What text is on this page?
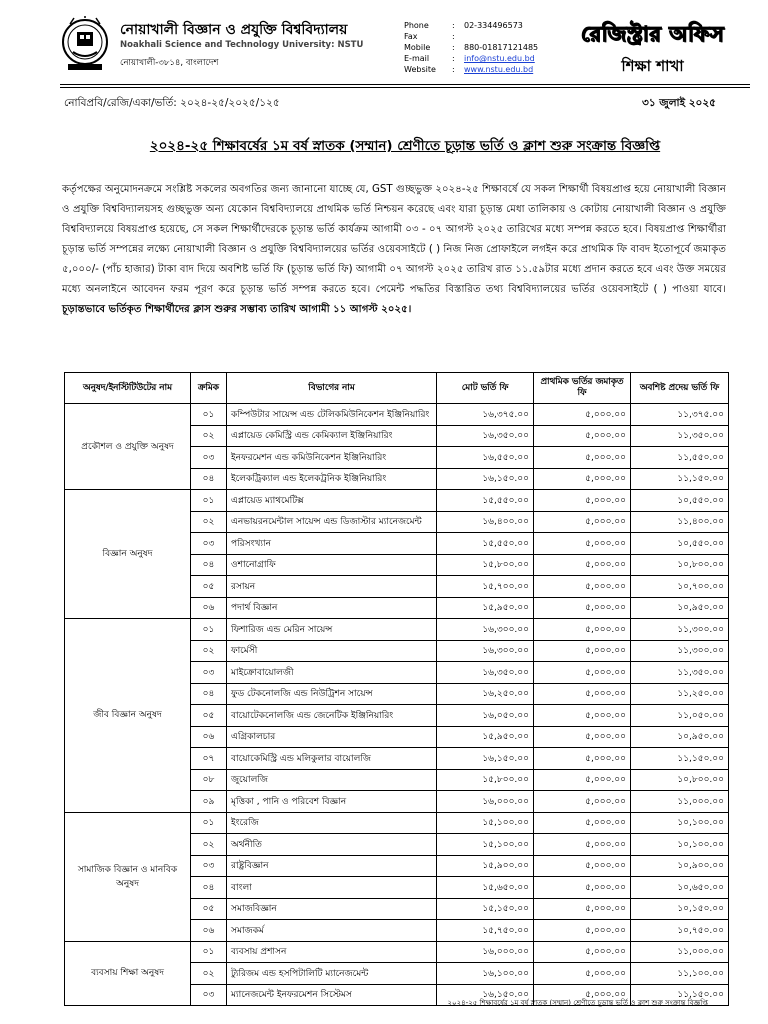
নোয়াখালী বিজ্ঞান ও প্রযুক্তি বিশ্ববিদ্যালয়
Noakhali Science and Technology University: NSTU
নোয়াখালী-৩৮১৪, বাংলাদেশ
Phone	:	02-334496573
Fax	:
Mobile	:	880-01817121485
E-mail	:	info@nstu.edu.bd
Website	:	www.nstu.edu.bd
রেজিস্ট্রার অফিস
শিক্ষা শাখা
নোবিপ্রবি/রেজি/একা/ভর্তি: ২০২৪-২৫/২০২৫/১২৫	৩১ জুলাই ২০২৫
২০২৪-২৫ শিক্ষাবর্ষের ১ম বর্ষ স্নাতক (সম্মান) শ্রেণীতে চূড়ান্ত ভর্তি ও ক্লাশ শুরু সংক্রান্ত বিজ্ঞপ্তি
কর্তৃপক্ষের অনুমোদনক্রমে সংশ্লিষ্ট সকলের অবগতির জন্য জানানো যাচ্ছে যে, GST গুচ্ছভুক্ত ২০২৪-২৫ শিক্ষাবর্ষে যে সকল শিক্ষার্থী বিষয়প্রাপ্ত হয়ে নোয়াখালী বিজ্ঞান ও প্রযুক্তি বিশ্ববিদ্যালয়সহ গুচ্ছভুক্ত অন্য যেকোন বিশ্ববিদ্যালয়ে প্রাথমিক ভর্তি নিশ্চয়ন করেছে এবং যারা চূড়ান্ত মেধা তালিকায় ও কোটায় নোয়াখালী বিজ্ঞান ও প্রযুক্তি বিশ্ববিদ্যালয়ে বিষয়প্রাপ্ত হয়েছে, সে সকল শিক্ষার্থীদেরকে চূড়ান্ত ভর্তি কার্যক্রম আগামী ০৩ - ০৭ আগস্ট ২০২৫ তারিখের মধ্যে সম্পন্ন করতে হবে। বিষয়প্রাপ্ত শিক্ষার্থীরা চূড়ান্ত ভর্তি সম্পন্নের লক্ষ্যে নোয়াখালী বিজ্ঞান ও প্রযুক্তি বিশ্ববিদ্যালয়ের ভর্তির ওয়েবসাইটে ( ) নিজ নিজ প্রোফাইলে লগইন করে প্রাথমিক ফি বাবদ ইতোপূর্বে জমাকৃত ৫,০০০/- (পাঁচ হাজার) টাকা বাদ দিয়ে অবশিষ্ট ভর্তি ফি (চূড়ান্ত ভর্তি ফি) আগামী ০৭ আগস্ট ২০২৫ তারিখ রাত ১১.৫৯টার মধ্যে প্রদান করতে হবে এবং উক্ত সময়ের মধ্যে অনলাইনে আবেদন ফরম পূরণ করে চূড়ান্ত ভর্তি সম্পন্ন করতে হবে। পেমেন্ট পদ্ধতির বিস্তারিত তথ্য বিশ্ববিদ্যালয়ের ভর্তির ওয়েবসাইটে ( ) পাওয়া যাবে। চূড়ান্তভাবে ভর্তিকৃত শিক্ষার্থীদের ক্লাস শুরুর সম্ভাব্য তারিখ আগামী ১১ আগস্ট ২০২৫।
অনুষদ/ইনস্টিটিউটের নাম	ক্রমিক	বিভাগের নাম	মোট ভর্তি ফি	প্রাথমিক ভর্তির জমাকৃত ফি	অবশিষ্ট প্রদেয় ভর্তি ফি
প্রকৌশল ও প্রযুক্তি অনুষদ	০১	কম্পিউটার সায়েন্স এন্ড টেলিকমিউনিকেশন ইঞ্জিনিয়ারিং	১৬,৩৭৫.০০	৫,০০০.০০	১১,৩৭৫.০০
	০২	এপ্লায়েড কেমিস্ট্রি এন্ড কেমিক্যাল ইঞ্জিনিয়ারিং	১৬,৩৫০.০০	৫,০০০.০০	১১,৩৫০.০০
	০৩	ইনফরমেশন এন্ড কমিউনিকেশন ইঞ্জিনিয়ারিং	১৬,৫৫০.০০	৫,০০০.০০	১১,৫৫০.০০
	০৪	ইলেকট্রিক্যাল এন্ড ইলেকট্রনিক ইঞ্জিনিয়ারিং	১৬,১৫০.০০	৫,০০০.০০	১১,১৫০.০০
বিজ্ঞান অনুষদ	০১	এপ্লায়েড ম্যাথমেটিক্স	১৫,৫৫০.০০	৫,০০০.০০	১০,৫৫০.০০
	০২	এনভায়রনমেন্টাল সায়েন্স এন্ড ডিজাস্টার ম্যানেজমেন্ট	১৬,৪০০.০০	৫,০০০.০০	১১,৪০০.০০
	০৩	পরিসংখ্যান	১৫,৫৫০.০০	৫,০০০.০০	১০,৫৫০.০০
	০৪	ওশানোগ্রাফি	১৫,৮০০.০০	৫,০০০.০০	১০,৮০০.০০
	০৫	রসায়ন	১৫,৭০০.০০	৫,০০০.০০	১০,৭০০.০০
	০৬	পদার্থ বিজ্ঞান	১৫,৯৫০.০০	৫,০০০.০০	১০,৯৫০.০০
জীব বিজ্ঞান অনুষদ	০১	ফিশারিজ এন্ড মেরিন সায়েন্স	১৬,৩০০.০০	৫,০০০.০০	১১,৩০০.০০
	০২	ফার্মেসী	১৬,৩০০.০০	৫,০০০.০০	১১,৩০০.০০
	০৩	মাইক্রোবায়োলজী	১৬,৩৫০.০০	৫,০০০.০০	১১,৩৫০.০০
	০৪	ফুড টেকনোলজি এন্ড নিউট্রিশন সায়েন্স	১৬,২৫০.০০	৫,০০০.০০	১১,২৫০.০০
	০৫	বায়োটেকনোলজি এন্ড জেনেটিক ইঞ্জিনিয়ারিং	১৬,০৫০.০০	৫,০০০.০০	১১,০৫০.০০
	০৬	এগ্রিকালচার	১৫,৯৫০.০০	৫,০০০.০০	১০,৯৫০.০০
	০৭	বায়োকেমিস্ট্রি এন্ড মলিকুলার বায়োলজি	১৬,১৫০.০০	৫,০০০.০০	১১,১৫০.০০
	০৮	জুয়োলজি	১৫,৮০০.০০	৫,০০০.০০	১০,৮০০.০০
	০৯	মৃত্তিকা , পানি ও পরিবেশ বিজ্ঞান	১৬,০০০.০০	৫,০০০.০০	১১,০০০.০০
সামাজিক বিজ্ঞান ও মানবিক অনুষদ	০১	ইংরেজি	১৫,১০০.০০	৫,০০০.০০	১০,১০০.০০
	০২	অর্থনীতি	১৫,১০০.০০	৫,০০০.০০	১০,১০০.০০
	০৩	রাষ্ট্রবিজ্ঞান	১৫,৯০০.০০	৫,০০০.০০	১০,৯০০.০০
	০৪	বাংলা	১৫,৬৫০.০০	৫,০০০.০০	১০,৬৫০.০০
	০৫	সমাজবিজ্ঞান	১৫,১৫০.০০	৫,০০০.০০	১০,১৫০.০০
	০৬	সমাজকর্ম	১৫,৭৫০.০০	৫,০০০.০০	১০,৭৫০.০০
ব্যবসায় শিক্ষা অনুষদ	০১	ব্যবসায় প্রশাসন	১৬,০০০.০০	৫,০০০.০০	১১,০০০.০০
	০২	ট্যুরিজম এন্ড হসপিটালিটি ম্যানেজমেন্ট	১৬,১০০.০০	৫,০০০.০০	১১,১০০.০০
	০৩	ম্যানেজমেন্ট ইনফরমেশন সিস্টেমস	১৬,১৫০.০০	৫,০০০.০০	১১,১৫০.০০
২০২৪-২৫ শিক্ষাবর্ষের ১ম বর্ষ স্নাতক (সম্মান) শ্রেণীতে চূড়ান্ত ভর্তি ও ক্লাশ শুরু সংক্রান্ত বিজ্ঞপ্তি
